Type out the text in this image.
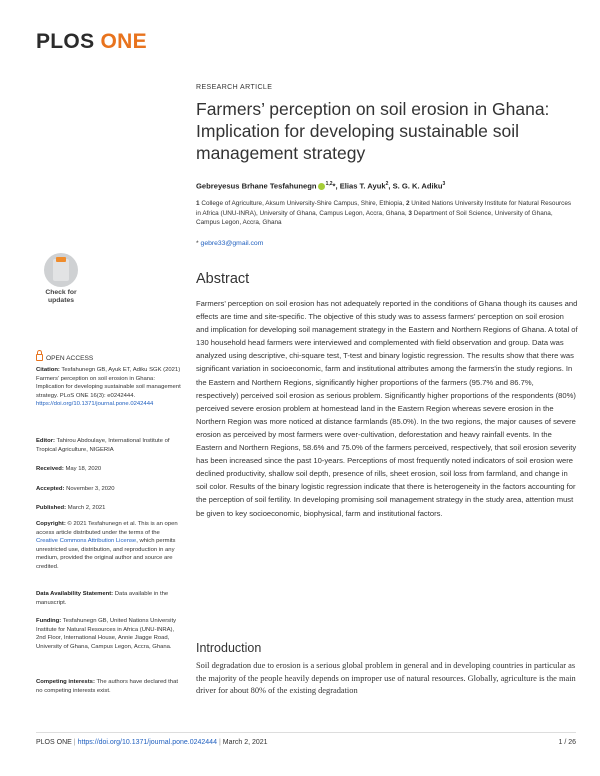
PLOS ONE
RESEARCH ARTICLE
Farmers’ perception on soil erosion in Ghana: Implication for developing sustainable soil management strategy
Gebreyesus Brhane Tesfahunegn $^{1,2}$*, Elias T. Ayuk$^2$, S. G. K. Adiku$^3$
1 College of Agriculture, Aksum University-Shire Campus, Shire, Ethiopia, 2 United Nations University Institute for Natural Resources in Africa (UNU-INRA), University of Ghana, Campus Legon, Accra, Ghana, 3 Department of Soil Science, University of Ghana, Campus Legon, Accra, Ghana
* gebre33@gmail.com
Check for
updates
OPEN ACCESS
Citation: Tesfahunegn GB, Ayuk ET, Adiku SGK (2021) Farmers’ perception on soil erosion in Ghana: Implication for developing sustainable soil management strategy. PLoS ONE 16(3): e0242444. https://doi.org/10.1371/journal.pone.0242444
Editor: Tahirou Abdoulaye, International Institute of Tropical Agriculture, NIGERIA
Received: May 18, 2020
Accepted: November 3, 2020
Published: March 2, 2021
Copyright: © 2021 Tesfahunegn et al. This is an open access article distributed under the terms of the Creative Commons Attribution License, which permits unrestricted use, distribution, and reproduction in any medium, provided the original author and source are credited.
Data Availability Statement: Data available in the manuscript.
Funding: Tesfahunegn GB, United Nations University Institute for Natural Resources in Africa (UNU-INRA), 2nd Floor, International House, Annie Jiagge Road, University of Ghana, Campus Legon, Accra, Ghana.
Competing interests: The authors have declared that no competing interests exist.
Abstract
Farmers’ perception on soil erosion has not adequately reported in the conditions of Ghana though its causes and effects are time and site-specific. The objective of this study was to assess farmers’ perception on soil erosion and implication for developing soil management strategy in the Eastern and Northern Regions of Ghana. A total of 130 household head farmers were interviewed and complemented with field observation and group. Data was analyzed using descriptive, chi-square test, T-test and binary logistic regression. The results show that there was significant variation in socioeconomic, farm and institutional attributes among the farmers'in the study regions. In the Eastern and Northern Regions, significantly higher proportions of the farmers (95.7% and 86.7%, respectively) perceived soil erosion as serious problem. Significantly higher proportions of the respondents (80%) perceived severe erosion problem at homestead land in the Eastern Region whereas severe erosion in the Northern Region was more noticed at distance farmlands (85.0%). In the two regions, the major causes of severe erosion as perceived by most farmers were over-cultivation, deforestation and heavy rainfall events. In the Eastern and Northern Regions, 58.6% and 75.0% of the farmers perceived, respectively, that soil erosion severity has been increased since the past 10-years. Perceptions of most frequently noted indicators of soil erosion were declined productivity, shallow soil depth, presence of rills, sheet erosion, soil loss from farmland, and change in soil color. Results of the binary logistic regression indicate that there is heterogeneity in the factors accounting for the perception of soil fertility. In developing promising soil management strategy in the study area, attention must be given to key socioeconomic, biophysical, farm and institutional factors.
Introduction
Soil degradation due to erosion is a serious global problem in general and in developing countries in particular as the majority of the people heavily depends on improper use of natural resources. Globally, agriculture is the main driver for about 80% of the existing degradation
PLOS ONE | https://doi.org/10.1371/journal.pone.0242444 | March 2, 2021	1 / 26
